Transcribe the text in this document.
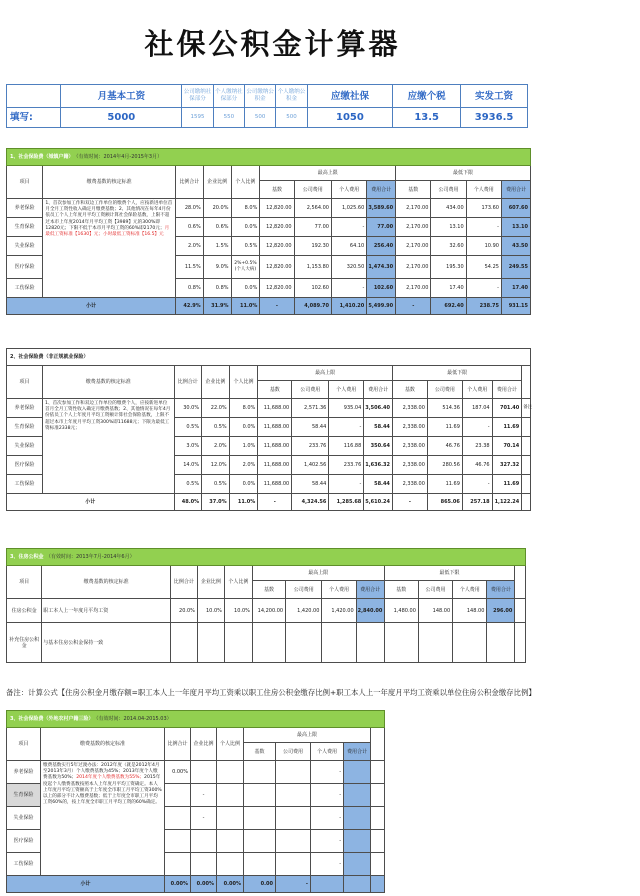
社保公积金计算器
	月基本工资	公司缴纳社保部分	个人缴纳社保部分	公司缴纳公积金	个人缴纳公积金	应缴社保	应缴个税	实发工资
填写:	5000	1595	550	500	500	1050	13.5	3936.5
1、社会保险费（城镇户籍）　 （有效时间：2014年4月-2015年3月）												
项目	缴费基数的核定标准	比例合计	企业比例	个人比例	最高上限				最低下限			
					基数	公司费用	个人费用	费用合计	基数	公司费用	个人费用	费用合计
养老保险	1、首次参加工作和双边工作单位的缴费个人，应按新进单位首月全月工资性收入确定月缴费基数；2、其他情况在每年4月份依员工个人上年度月平均工资额计算社会保险基数，上限不超过本市上年度2014年月平均工资【3989】元的300%即12820元；下限不低于本市月平均工资的60%即2170元；月最低工资标准【1630】元；小时最低工资标准【16.5】元	28.0%	20.0%	8.0%	12,820.00	2,564.00	1,025.60	3,589.60	2,170.00	434.00	173.60	607.60
生育保险		0.6%	0.6%	0.0%	12,820.00	77.00	-	77.00	2,170.00	13.10	-	13.10
失业保险		2.0%	1.5%	0.5%	12,820.00	192.30	64.10	256.40	2,170.00	32.60	10.90	43.50
医疗保险		11.5%	9.0%	2%+0.5%(个人大病)	12,820.00	1,153.80	320.50	1,474.30	2,170.00	195.30	54.25	249.55
工伤保险		0.8%	0.8%	0.0%	12,820.00	102.60	-	102.60	2,170.00	17.40	-	17.40
小计		42.9%	31.9%	11.0%	-	4,089.70	1,410.20	5,499.90	-	692.40	238.75	931.15
2、社会保险费（非正规就业保险）													
项目	缴费基数的核定标准	比例合计	企业比例	个人比例	最高上限				最低下限				
					基数	公司费用	个人费用	费用合计	基数	公司费用	个人费用	费用合计	
养老保险	1、首次参加工作和双边工作单位的缴费个人，应按新进单位首月全月工资性收入确定月缴费基数；2、其他情况在每年4月份依员工个人上年度月平均工资额计算社会保险基数，上限不超过本市上年度月平均工资300%即11688元；下限为最低工资标准2338元；	30.0%	22.0%	8.0%	11,688.00	2,571.36	935.04	3,506.40	2,338.00	514.36	187.04	701.40	备注
生育保险		0.5%	0.5%	0.0%	11,688.00	58.44	-	58.44	2,338.00	11.69	-	11.69	
失业保险		3.0%	2.0%	1.0%	11,688.00	233.76	116.88	350.64	2,338.00	46.76	23.38	70.14	
医疗保险		14.0%	12.0%	2.0%	11,688.00	1,402.56	233.76	1,636.32	2,338.00	280.56	46.76	327.32	
工伤保险		0.5%	0.5%	0.0%	11,688.00	58.44	-	58.44	2,338.00	11.69	-	11.69	
小计		48.0%	37.0%	11.0%	-	4,324.56	1,285.68	5,610.24	-	865.06	257.18	1,122.24	
3、住房公积金　 （有效时间：2013年7月-2014年6月）													
项目	缴费基数的核定标准	比例合计	企业比例	个人比例	最高上限				最低下限				
					基数	公司费用	个人费用	费用合计	基数	公司费用	个人费用	费用合计	
住房公积金	职工本人上一年度月平均工资	20.0%	10.0%	10.0%	14,200.00	1,420.00	1,420.00	2,840.00	1,480.00	148.00	148.00	296.00	
补充住房公积金	与基本住房公积金保持一致												
备注：计算公式【住房公积金月缴存额=职工本人上一年度月平均工资乘以职工住房公积金缴存比例+职工本人上一年度月平均工资乘以单位住房公积金缴存比例】
3、社会保险费（外地农村户籍三险）　 （有效时间：2014.04-2015.03）									
项目	缴费基数的核定标准	比例合计	企业比例	个人比例	最高上限				
					基数	公司费用	个人费用	费用合计	
养老保险	缴费基数实行5年过渡办法：2012年度（就是2012年4月至2013年3月）个人缴费基数为45%；2013年度个人缴费基数为50%；2014年度个人缴费基数为55%；2015年度起个人缴费基数按照本人上年度月平均工资确定。本人上年度月平均工资额高于上年度全市职工月平均工资300%以上的部分不计入缴费基数；低于上年度全市职工月平均工资60%的，按上年度全市职工月平均工资的60%确定。	0.00%					-		
生育保险			-				-		
失业保险			-				-		
医疗保险							-		
工伤保险							-		
小计		0.00%	0.00%	0.00%	0.00	-			
